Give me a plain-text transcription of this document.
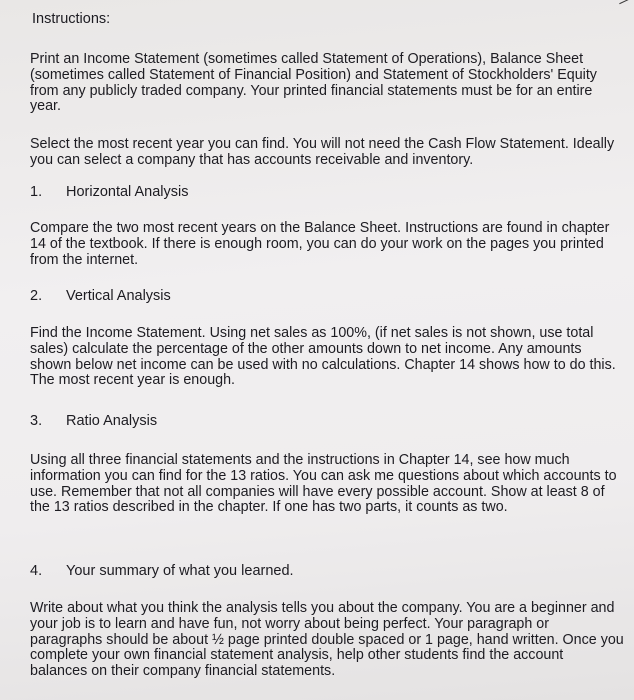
Instructions:

Print an Income Statement (sometimes called Statement of Operations), Balance Sheet (sometimes called Statement of Financial Position) and Statement of Stockholders' Equity from any publicly traded company. Your printed financial statements must be for an entire year.

Select the most recent year you can find. You will not need the Cash Flow Statement. Ideally you can select a company that has accounts receivable and inventory.

1. Horizontal Analysis

Compare the two most recent years on the Balance Sheet. Instructions are found in chapter 14 of the textbook. If there is enough room, you can do your work on the pages you printed from the internet.

2. Vertical Analysis

Find the Income Statement. Using net sales as 100%, (if net sales is not shown, use total sales) calculate the percentage of the other amounts down to net income. Any amounts shown below net income can be used with no calculations. Chapter 14 shows how to do this. The most recent year is enough.

3. Ratio Analysis

Using all three financial statements and the instructions in Chapter 14, see how much information you can find for the 13 ratios. You can ask me questions about which accounts to use. Remember that not all companies will have every possible account. Show at least 8 of the 13 ratios described in the chapter. If one has two parts, it counts as two.

4. Your summary of what you learned.

Write about what you think the analysis tells you about the company. You are a beginner and your job is to learn and have fun, not worry about being perfect. Your paragraph or paragraphs should be about ½ page printed double spaced or 1 page, hand written. Once you complete your own financial statement analysis, help other students find the account balances on their company financial statements.
